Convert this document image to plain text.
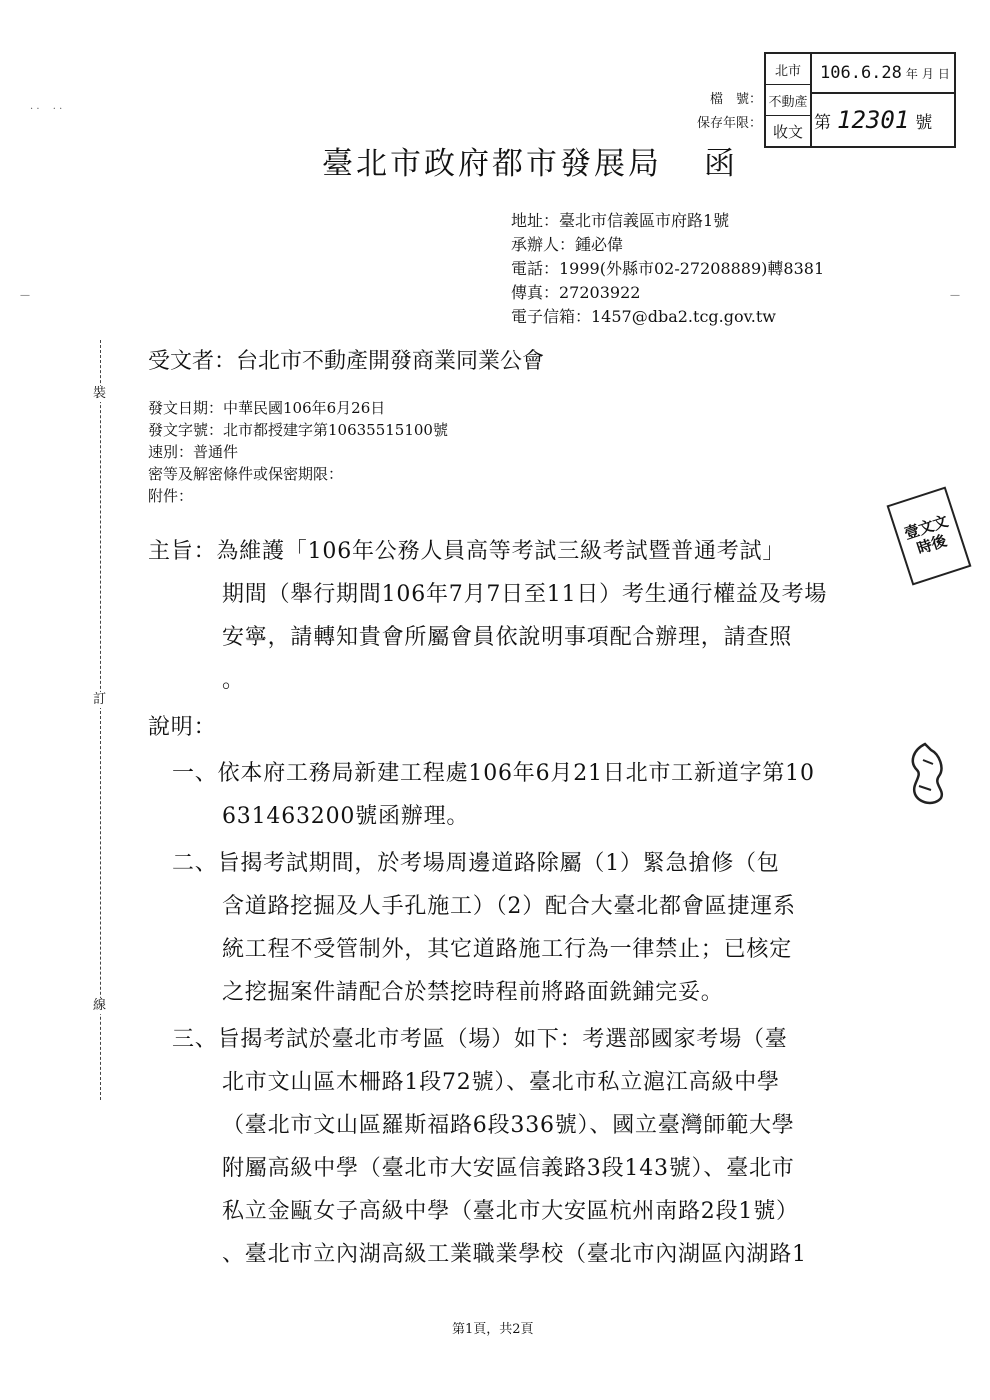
裝
訂
線
· ·　 · ·
—	—
檔　號：
保存年限：
北市
不動產
收文
106.6.28 年 月 日
第 12301 號
臺北市政府都市發展局 函
地址：臺北市信義區市府路1號
承辦人：鍾必偉
電話：1999(外縣市02-27208889)轉8381
傳真：27203922
電子信箱：1457@dba2.tcg.gov.tw
受文者：台北市不動產開發商業同業公會
發文日期：中華民國106年6月26日
發文字號：北市都授建字第10635515100號
速別：普通件
密等及解密條件或保密期限：
附件：
主旨：為維護「106年公務人員高等考試三級考試暨普通考試」
期間（舉行期間106年7月7日至11日）考生通行權益及考場
安寧，請轉知貴會所屬會員依說明事項配合辦理，請查照
。
說明：
一、依本府工務局新建工程處106年6月21日北市工新道字第10
631463200號函辦理。
二、旨揭考試期間，於考場周邊道路除屬（1）緊急搶修（包
含道路挖掘及人手孔施工）（2）配合大臺北都會區捷運系
統工程不受管制外，其它道路施工行為一律禁止；已核定
之挖掘案件請配合於禁挖時程前將路面銑鋪完妥。
三、旨揭考試於臺北市考區（場）如下：考選部國家考場（臺
北市文山區木柵路1段72號）、臺北市私立滬江高級中學
（臺北市文山區羅斯福路6段336號）、國立臺灣師範大學
附屬高級中學（臺北市大安區信義路3段143號）、臺北市
私立金甌女子高級中學（臺北市大安區杭州南路2段1號）
、臺北市立內湖高級工業職業學校（臺北市內湖區內湖路1
壹
文
文
時
後
第1頁，共2頁
